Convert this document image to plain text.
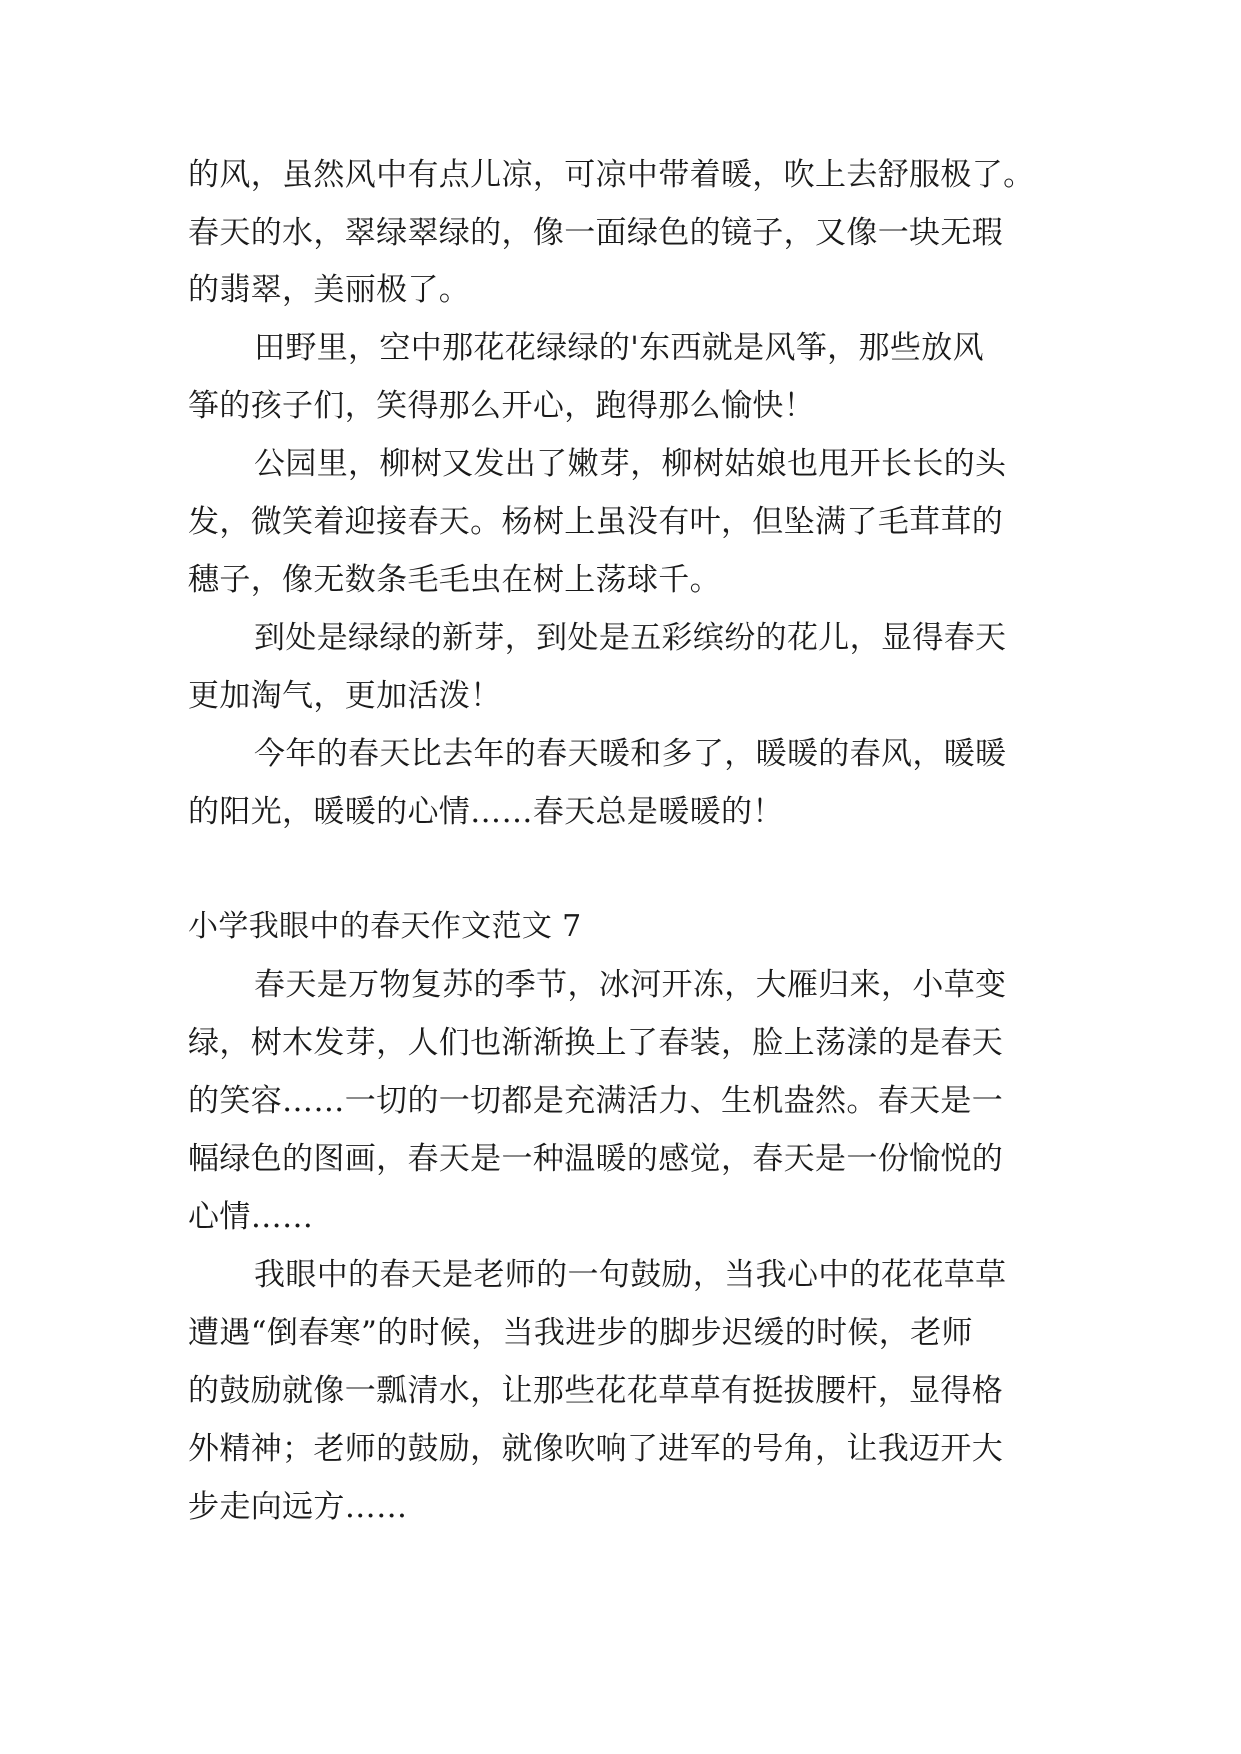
的风，虽然风中有点儿凉，可凉中带着暖，吹上去舒服极了。
春天的水，翠绿翠绿的，像一面绿色的镜子，又像一块无瑕
的翡翠，美丽极了。
田野里，空中那花花绿绿的'东西就是风筝，那些放风
筝的孩子们，笑得那么开心，跑得那么愉快！
公园里，柳树又发出了嫩芽，柳树姑娘也甩开长长的头
发，微笑着迎接春天。杨树上虽没有叶，但坠满了毛茸茸的
穗子，像无数条毛毛虫在树上荡球千。
到处是绿绿的新芽，到处是五彩缤纷的花儿，显得春天
更加淘气，更加活泼！
今年的春天比去年的春天暖和多了，暖暖的春风，暖暖
的阳光，暖暖的心情……春天总是暖暖的！
小学我眼中的春天作文范文 7
春天是万物复苏的季节，冰河开冻，大雁归来，小草变
绿，树木发芽，人们也渐渐换上了春装，脸上荡漾的是春天
的笑容……一切的一切都是充满活力、生机盎然。春天是一
幅绿色的图画，春天是一种温暖的感觉，春天是一份愉悦的
心情……
我眼中的春天是老师的一句鼓励，当我心中的花花草草
遭遇“倒春寒”的时候，当我进步的脚步迟缓的时候，老师
的鼓励就像一瓢清水，让那些花花草草有挺拔腰杆，显得格
外精神；老师的鼓励，就像吹响了进军的号角，让我迈开大
步走向远方……
